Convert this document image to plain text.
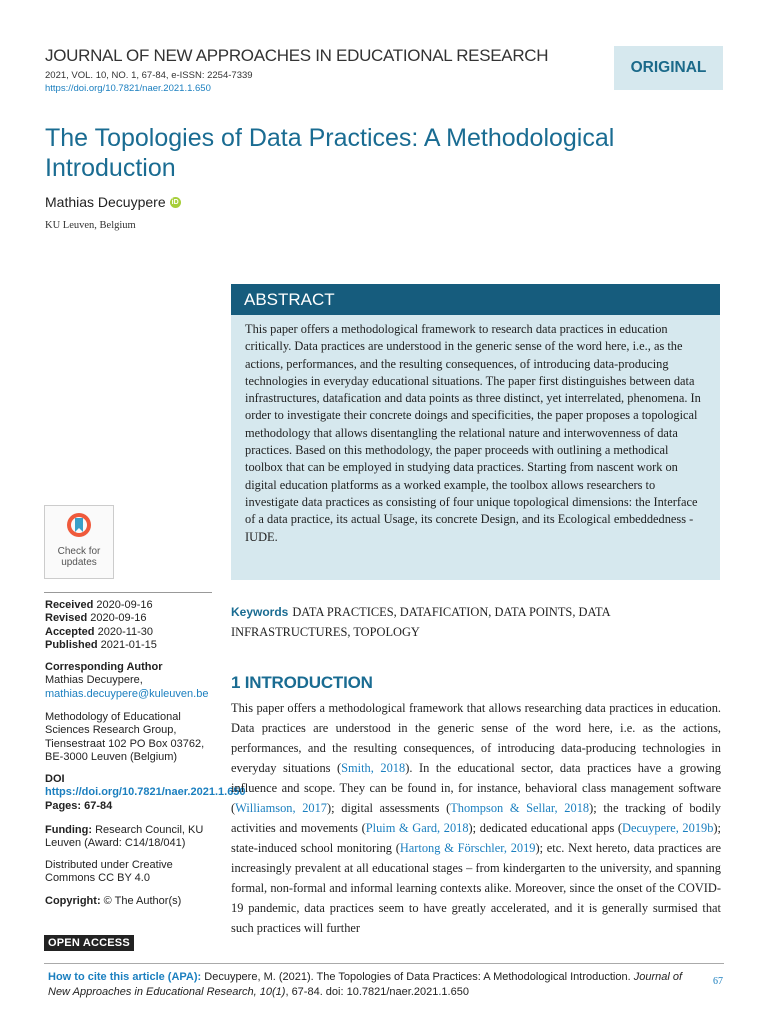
JOURNAL OF NEW APPROACHES IN EDUCATIONAL RESEARCH
2021, VOL. 10, NO. 1, 67-84, e-ISSN: 2254-7339
https://doi.org/10.7821/naer.2021.1.650
ORIGINAL
The Topologies of Data Practices: A Methodological Introduction
Mathias Decuypere iD
KU Leuven, Belgium
ABSTRACT
This paper offers a methodological framework to research data practices in education critically. Data practices are understood in the generic sense of the word here, i.e., as the actions, performances, and the resulting consequences, of introducing data-producing technologies in everyday educational situations. The paper first distinguishes between data infrastructures, datafication and data points as three distinct, yet interrelated, phenomena. In order to investigate their concrete doings and specificities, the paper proposes a topological methodology that allows disentangling the relational nature and interwovenness of data practices. Based on this methodology, the paper proceeds with outlining a methodical toolbox that can be employed in studying data practices. Starting from nascent work on digital education platforms as a worked example, the toolbox allows researchers to investigate data practices as consisting of four unique topological dimensions: the Interface of a data practice, its actual Usage, its concrete Design, and its Ecological embeddedness - IUDE.
Check for
updates
Received 2020-09-16
Revised 2020-09-16
Accepted 2020-11-30
Published 2021-01-15
Corresponding Author
Mathias Decuypere,
mathias.decuypere@kuleuven.be
Methodology of Educational Sciences Research Group, Tiensestraat 102 PO Box 03762, BE-3000 Leuven (Belgium)
DOI https://doi.org/10.7821/naer.2021.1.650
Pages: 67-84
Funding: Research Council, KU Leuven (Award: C14/18/041)
Distributed under Creative Commons CC BY 4.0
Copyright: © The Author(s)
OPEN ACCESS
Keywords DATA PRACTICES, DATAFICATION, DATA POINTS, DATA INFRASTRUCTURES, TOPOLOGY
1 INTRODUCTION
This paper offers a methodological framework that allows researching data practices in education. Data practices are understood in the generic sense of the word here, i.e. as the actions, performances, and the resulting consequences, of introducing data-producing technologies in everyday situations (Smith, 2018). In the educational sector, data practices have a growing influence and scope. They can be found in, for instance, behavioral class management software (Williamson, 2017); digital assessments (Thompson & Sellar, 2018); the tracking of bodily activities and movements (Pluim & Gard, 2018); dedicated educational apps (Decuypere, 2019b); state-induced school monitoring (Hartong & Förschler, 2019); etc. Next hereto, data practices are increasingly prevalent at all educational stages – from kindergarten to the university, and spanning formal, non-formal and informal learning contexts alike. Moreover, since the onset of the COVID-19 pandemic, data practices seem to have greatly accelerated, and it is generally surmised that such practices will further
How to cite this article (APA): Decuypere, M. (2021). The Topologies of Data Practices: A Methodological Introduction. Journal of New Approaches in Educational Research, 10(1), 67-84. doi: 10.7821/naer.2021.1.650
67
